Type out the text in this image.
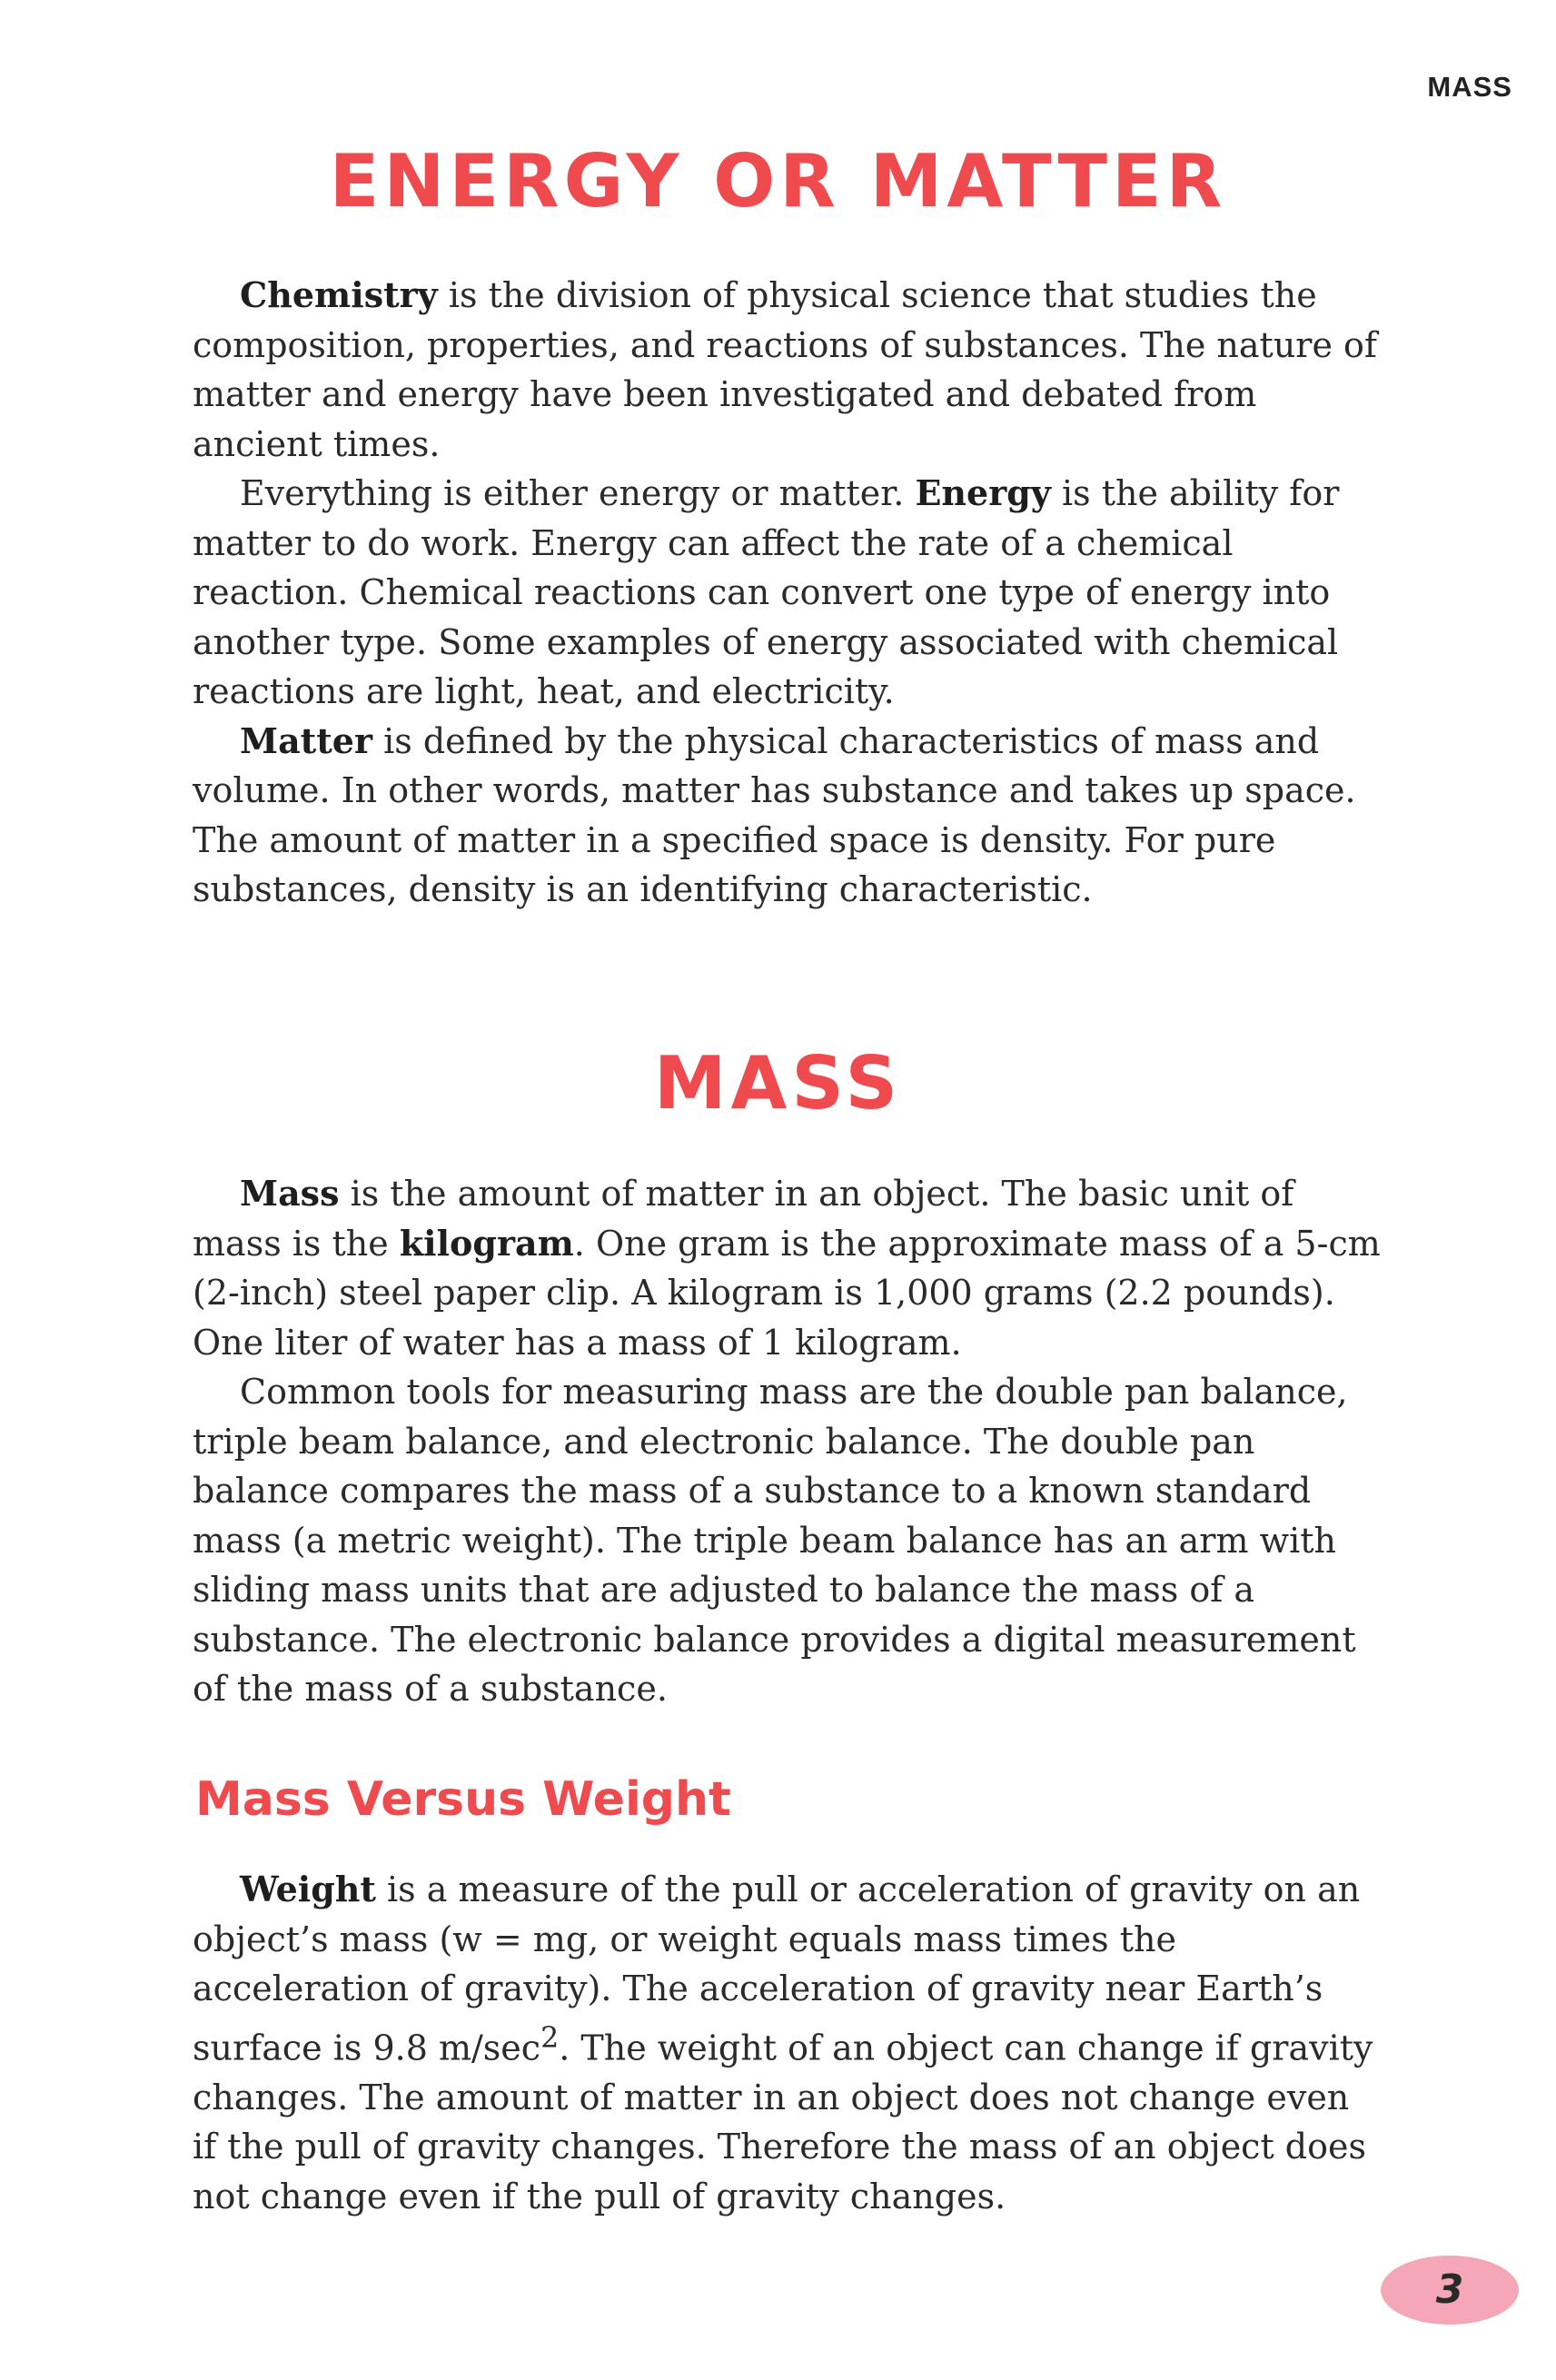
MASS
ENERGY OR MATTER

Chemistry is the division of physical science that studies the composition, properties, and reactions of substances. The nature of matter and energy have been investigated and debated from ancient times.

Everything is either energy or matter. Energy is the ability for matter to do work. Energy can affect the rate of a chemical reaction. Chemical reactions can convert one type of energy into another type. Some examples of energy associated with chemical reactions are light, heat, and electricity.

Matter is defined by the physical characteristics of mass and volume. In other words, matter has substance and takes up space. The amount of matter in a specified space is density. For pure substances, density is an identifying characteristic.

MASS

Mass is the amount of matter in an object. The basic unit of mass is the kilogram. One gram is the approximate mass of a 5-cm (2-inch) steel paper clip. A kilogram is 1,000 grams (2.2 pounds). One liter of water has a mass of 1 kilogram.

Common tools for measuring mass are the double pan balance, triple beam balance, and electronic balance. The double pan balance compares the mass of a substance to a known standard mass (a metric weight). The triple beam balance has an arm with sliding mass units that are adjusted to balance the mass of a substance. The electronic balance provides a digital measurement of the mass of a substance.

Mass Versus Weight

Weight is a measure of the pull or acceleration of gravity on an object’s mass (w = mg, or weight equals mass times the acceleration of gravity). The acceleration of gravity near Earth’s surface is 9.8 $m/\sec^2$. The weight of an object can change if gravity changes. The amount of matter in an object does not change even if the pull of gravity changes. Therefore the mass of an object does not change even if the pull of gravity changes.

3
